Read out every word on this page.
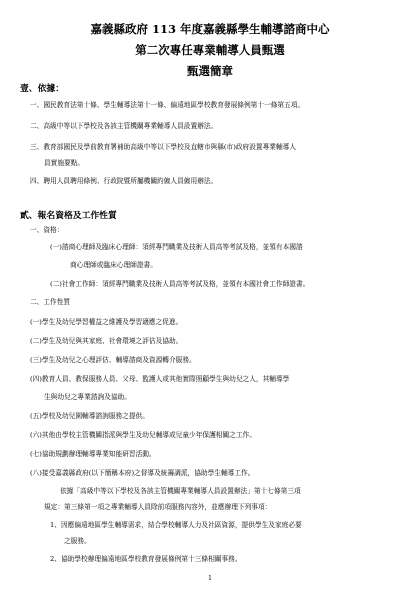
嘉義縣政府 113 年度嘉義縣學生輔導諮商中心
第二次專任專業輔導人員甄選
甄選簡章
壹、依據：
一、國民教育法第十條、學生輔導法第十一條、偏遠地區學校教育發展條例第十一條第五項。
二、高級中等以下學校及各該主管機關專業輔導人員設置辦法。
三、教育部國民及學前教育署補助高級中等以下學校及直轄市與縣(市)政府設置專業輔導人
員實施要點。
四、聘用人員聘用條例、行政院暨所屬機關約僱人員僱用辦法。
貳、報名資格及工作性質
一、資格：
(一)諮商心理師及臨床心理師：須經專門職業及技術人員高等考試及格，並領有本國諮
商心理師或臨床心理師證書。
(二)社會工作師：須經專門職業及技術人員高等考試及格，並領有本國社會工作師證書。
二、工作性質
(一)學生及幼兒學習權益之維護及學習適應之促進。
(二)學生及幼兒與其家庭、社會環境之評估及協助。
(三)學生及幼兒之心理評估、輔導諮商及資源轉介服務。
(四)教育人員、教保服務人員、父母、監護人或其他實際照顧學生與幼兒之人，其輔導學
生與幼兒之專業諮詢及協助。
(五)學校及幼兒園輔導諮詢服務之提供。
(六)其他由學校主管機關指派與學生及幼兒輔導或兒童少年保護相關之工作。
(七)協助規劃辦理輔導專業知能研習活動。
(八)接受嘉義縣政府(以下簡稱本府)之督導及統籌調派，協助學生輔導工作。
依據「高級中等以下學校及各該主管機關專業輔導人員設置辦法」第十七條第三項
規定：第三條第一項之專業輔導人員除前項服務內容外，並應辦理下列事項：
1、因應偏遠地區學生輔導需求，結合學校輔導人力及社區資源，提供學生及家庭必要
之服務。
2、協助學校辦理偏遠地區學校教育發展條例第十三條相關事務。
1
